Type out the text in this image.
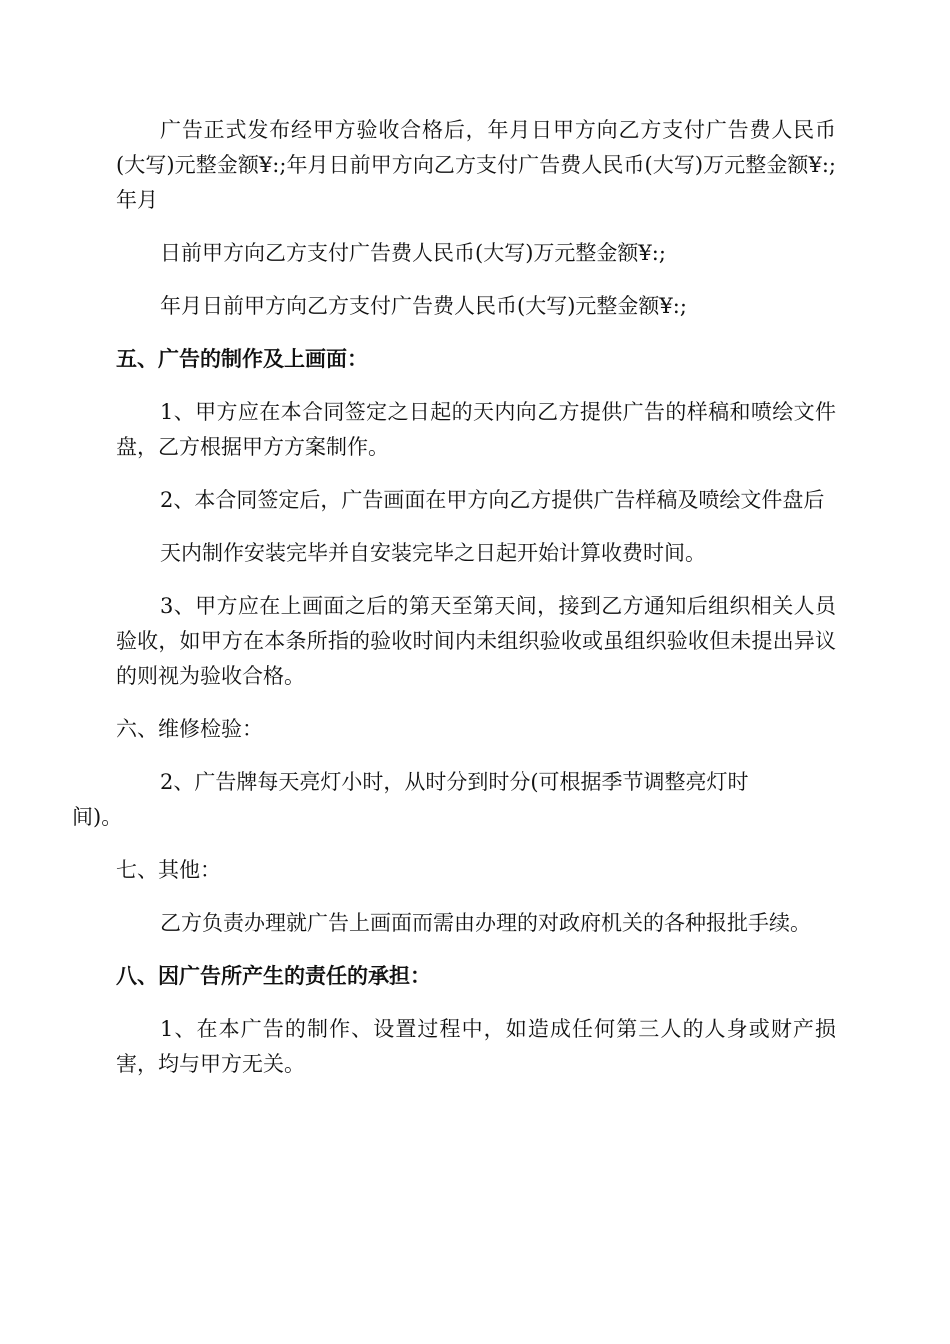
广告正式发布经甲方验收合格后，年月日甲方向乙方支付广告费人民币(大写)元整金额¥:;年月日前甲方向乙方支付广告费人民币(大写)万元整金额¥:;年月

日前甲方向乙方支付广告费人民币(大写)万元整金额¥:;

年月日前甲方向乙方支付广告费人民币(大写)元整金额¥:;

五、广告的制作及上画面：

1、甲方应在本合同签定之日起的天内向乙方提供广告的样稿和喷绘文件盘，乙方根据甲方方案制作。

2、本合同签定后，广告画面在甲方向乙方提供广告样稿及喷绘文件盘后

天内制作安装完毕并自安装完毕之日起开始计算收费时间。

3、甲方应在上画面之后的第天至第天间，接到乙方通知后组织相关人员验收，如甲方在本条所指的验收时间内未组织验收或虽组织验收但未提出异议的则视为验收合格。

六、维修检验：

2、广告牌每天亮灯小时，从时分到时分(可根据季节调整亮灯时
间)。

七、其他：

乙方负责办理就广告上画面而需由办理的对政府机关的各种报批手续。

八、因广告所产生的责任的承担：

1、在本广告的制作、设置过程中，如造成任何第三人的人身或财产损害，均与甲方无关。
